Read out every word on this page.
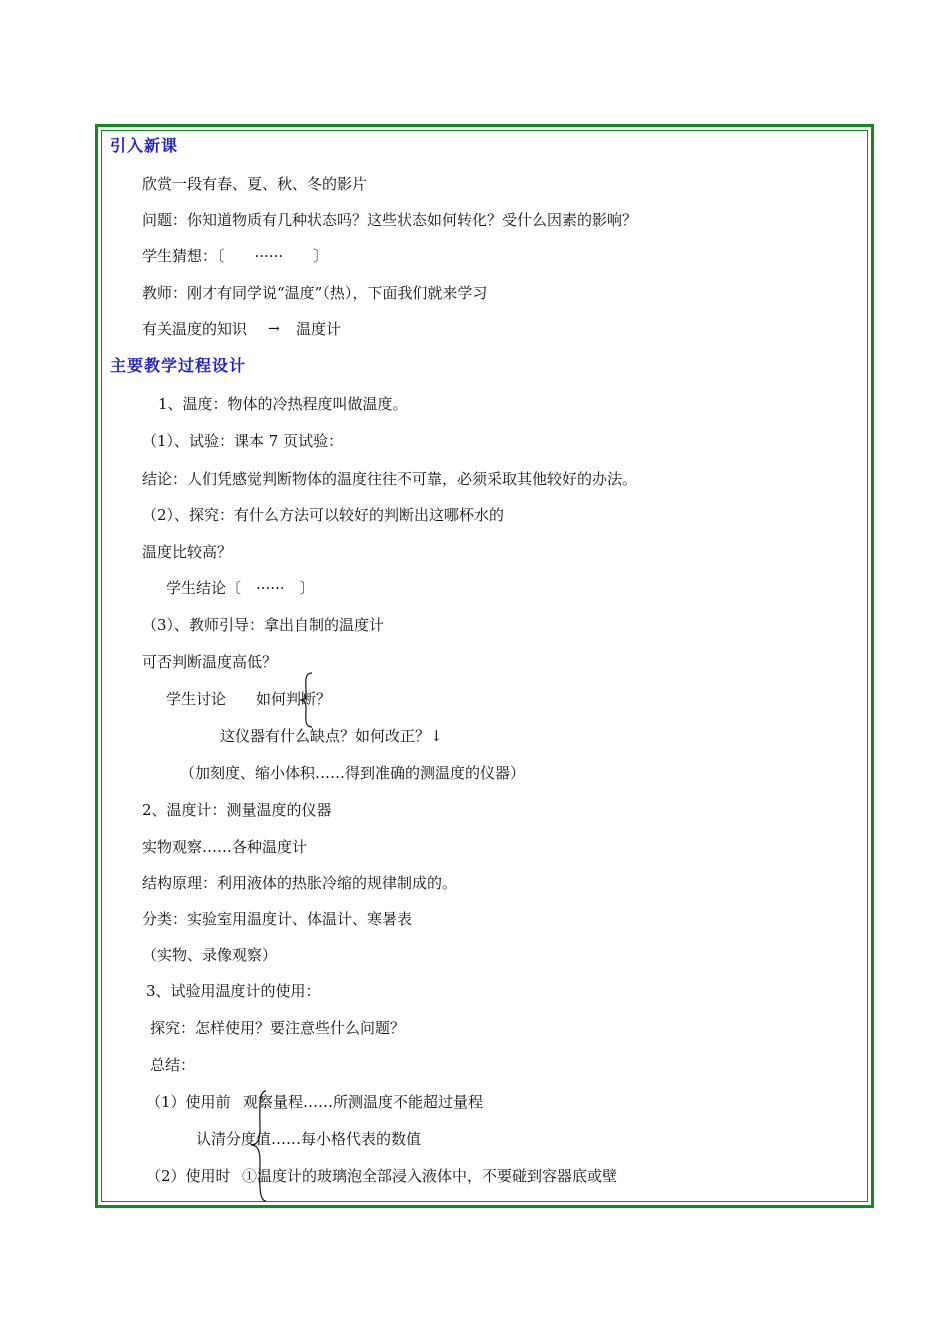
引入新课
欣赏一段有春、夏、秋、冬的影片
问题：你知道物质有几种状态吗？这些状态如何转化？受什么因素的影响？
学生猜想：〔　　······　　〕
教师：刚才有同学说“温度”（热），下面我们就来学习
有关温度的知识 → 温度计
主要教学过程设计
1、温度：物体的冷热程度叫做温度。
（1）、试验：课本 7 页试验：
结论：人们凭感觉判断物体的温度往往不可靠，必须采取其他较好的办法。
（2）、探究：有什么方法可以较好的判断出这哪杯水的
温度比较高？
学生结论〔　······　〕
（3）、教师引导：拿出自制的温度计
可否判断温度高低？
学生讨论 如何判断？
这仪器有什么缺点？如何改正？↓
（加刻度、缩小体积……得到准确的测温度的仪器）
2、温度计：测量温度的仪器
实物观察……各种温度计
结构原理：利用液体的热胀冷缩的规律制成的。
分类：实验室用温度计、体温计、寒暑表
（实物、录像观察）
3、试验用温度计的使用：
探究：怎样使用？要注意些什么问题？
总结：
（1）使用前 观察量程……所测温度不能超过量程
认清分度值……每小格代表的数值
（2）使用时 ①温度计的玻璃泡全部浸入液体中，不要碰到容器底或壁
